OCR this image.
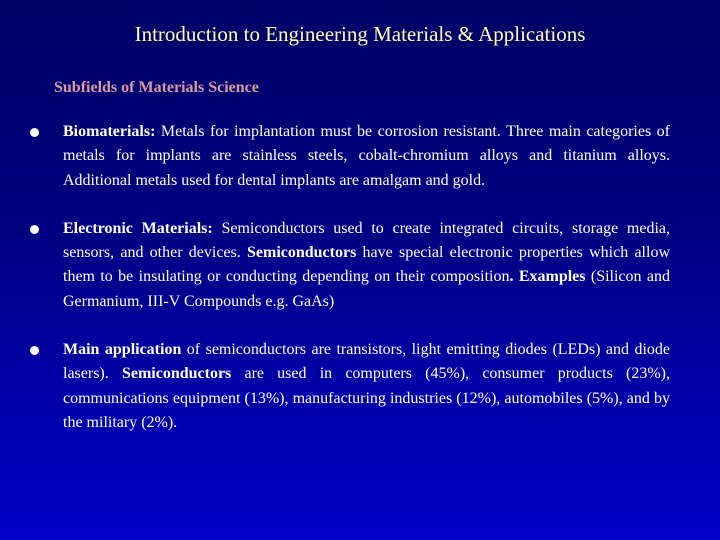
Introduction to Engineering Materials & Applications
Subfields of Materials Science
Biomaterials: Metals for implantation must be corrosion resistant. Three main categories of metals for implants are stainless steels, cobalt-chromium alloys and titanium alloys. Additional metals used for dental implants are amalgam and gold.
Electronic Materials: Semiconductors used to create integrated circuits, storage media, sensors, and other devices. Semiconductors have special electronic properties which allow them to be insulating or conducting depending on their composition. Examples (Silicon and Germanium, III-V Compounds e.g. GaAs)
Main application of semiconductors are transistors, light emitting diodes (LEDs) and diode lasers). Semiconductors are used in computers (45%), consumer products (23%), communications equipment (13%), manufacturing industries (12%), automobiles (5%), and by the military (2%).
